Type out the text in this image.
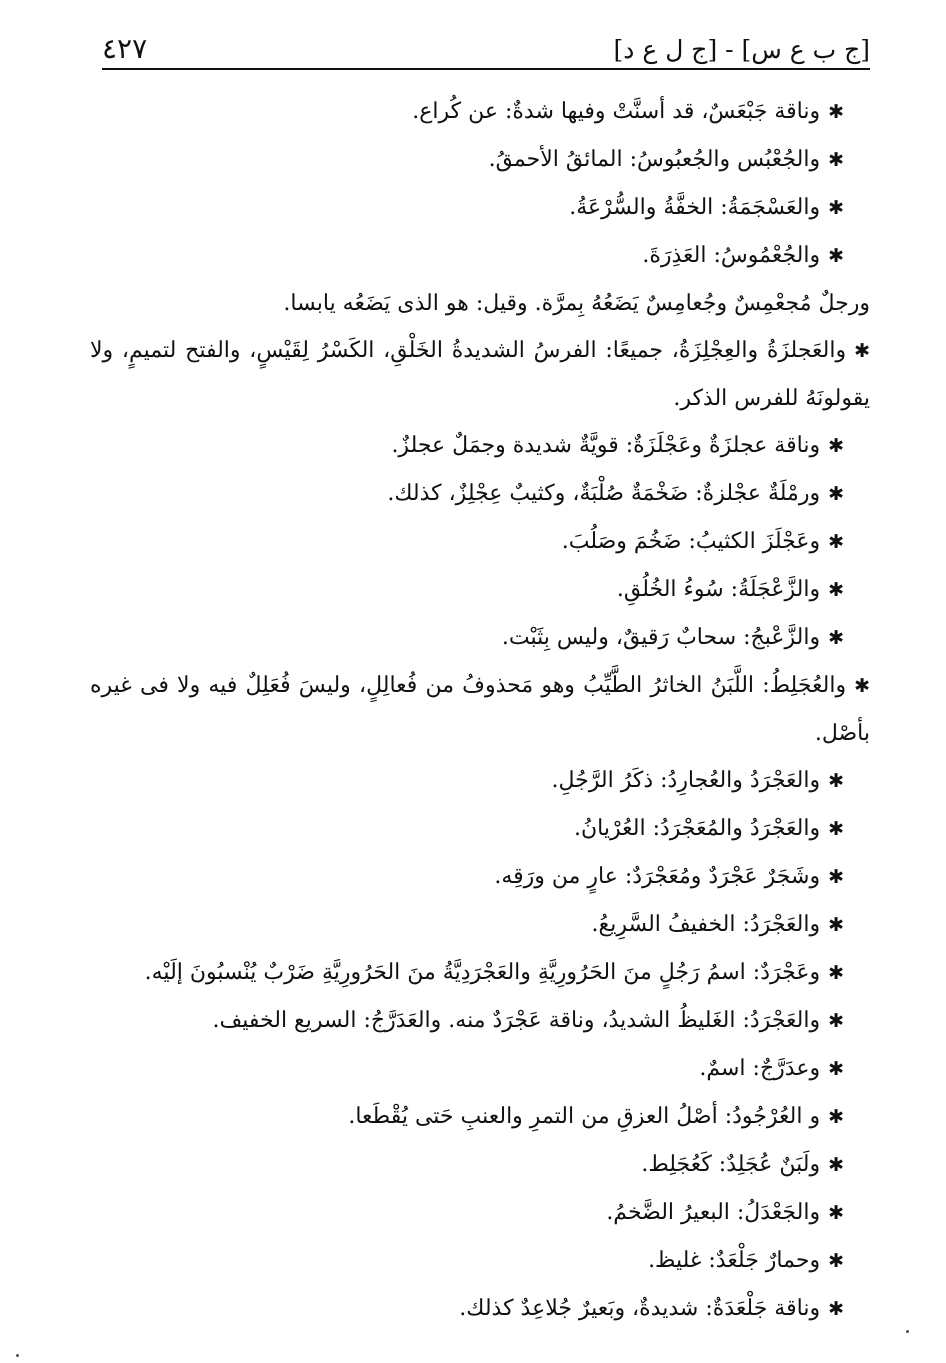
٤٢٧	[ج ب ع س] - [ج ل ع د]

✱وناقة جَبْعَسٌ، قد أسنَّتْ وفيها شدةٌ: عن كُراع.

✱والجُعْبُس والجُعبُوسُ: المائقُ الأحمقُ.

✱والعَسْجَمَةُ: الخفَّةُ والسُّرْعَةُ.

✱والجُعْمُوسُ: العَذِرَةَ.

ورجلٌ مُجعْمِسٌ وجُعامِسٌ يَضَعُهُ بِمرَّة. وقيل: هو الذى يَضَعُه يابسا.

✱والعَجلزَةُ والعِجْلِزَةُ، جميعًا: الفرسُ الشديدةُ الخَلْقِ، الكَسْرُ لِقَيْسٍ، والفتح لتميمٍ، ولا يقولونَهُ للفرس الذكر.

✱وناقة عجلزَةٌ وعَجْلَزَةٌ: قويَّةٌ شديدة وجمَلٌ عجلزٌ.

✱ورمْلَةٌ عجْلزةٌ: ضَخْمَةٌ صُلْبَةٌ، وكثيبٌ عِجْلِزٌ، كذلك.

✱وعَجْلَزَ الكثيبُ: ضَخُمَ وصَلُبَ.

✱والزَّعْجَلَةُ: سُوءُ الخُلُقِ.

✱والزَّعْبجُ: سحابٌ رَقيقٌ، وليس بِثَبْت.

✱والعُجَلِطُ: اللَّبَنُ الخاثرُ الطَّيِّبُ وهو مَحذوفُ من فُعالِلٍ، وليسَ فُعَلِلٌ فيه ولا فى غيره بأصْل.

✱والعَجْرَدُ والعُجارِدُ: ذكَرُ الرَّجُلِ.

✱والعَجْرَدُ والمُعَجْرَدُ: العُرْيانُ.

✱وشَجَرٌ عَجْرَدٌ ومُعَجْرَدٌ: عارٍ من ورَقِه.

✱والعَجْرَدُ: الخفيفُ السَّرِيعُ.

✱وعَجْرَدٌ: اسمُ رَجُلٍ منَ الحَرُورِيَّةِ والعَجْرَدِيَّةُ منَ الحَرُورِيَّةِ ضَرْبٌ يُنْسبُونَ إلَيْه.

✱والعَجْرَدُ: الغَليظُ الشديدُ، وناقة عَجْرَدٌ منه. والعَدَرَّجُ: السريع الخفيف.

✱وعدَرَّجٌ: اسمٌ.

✱و العُرْجُودُ: أصْلُ العزقِ من التمرِ والعنبِ حَتى يُقْطَعا.

✱ولَبَنٌ عُجَلِدٌ: كَعُجَلِط.

✱والجَعْدَلُ: البعيرُ الضَّخمُ.

✱وحمارٌ جَلْعَدٌ: غليظ.

✱وناقة جَلْعَدَةٌ: شديدةٌ، وبَعيرٌ جُلاعِدٌ كذلك.
